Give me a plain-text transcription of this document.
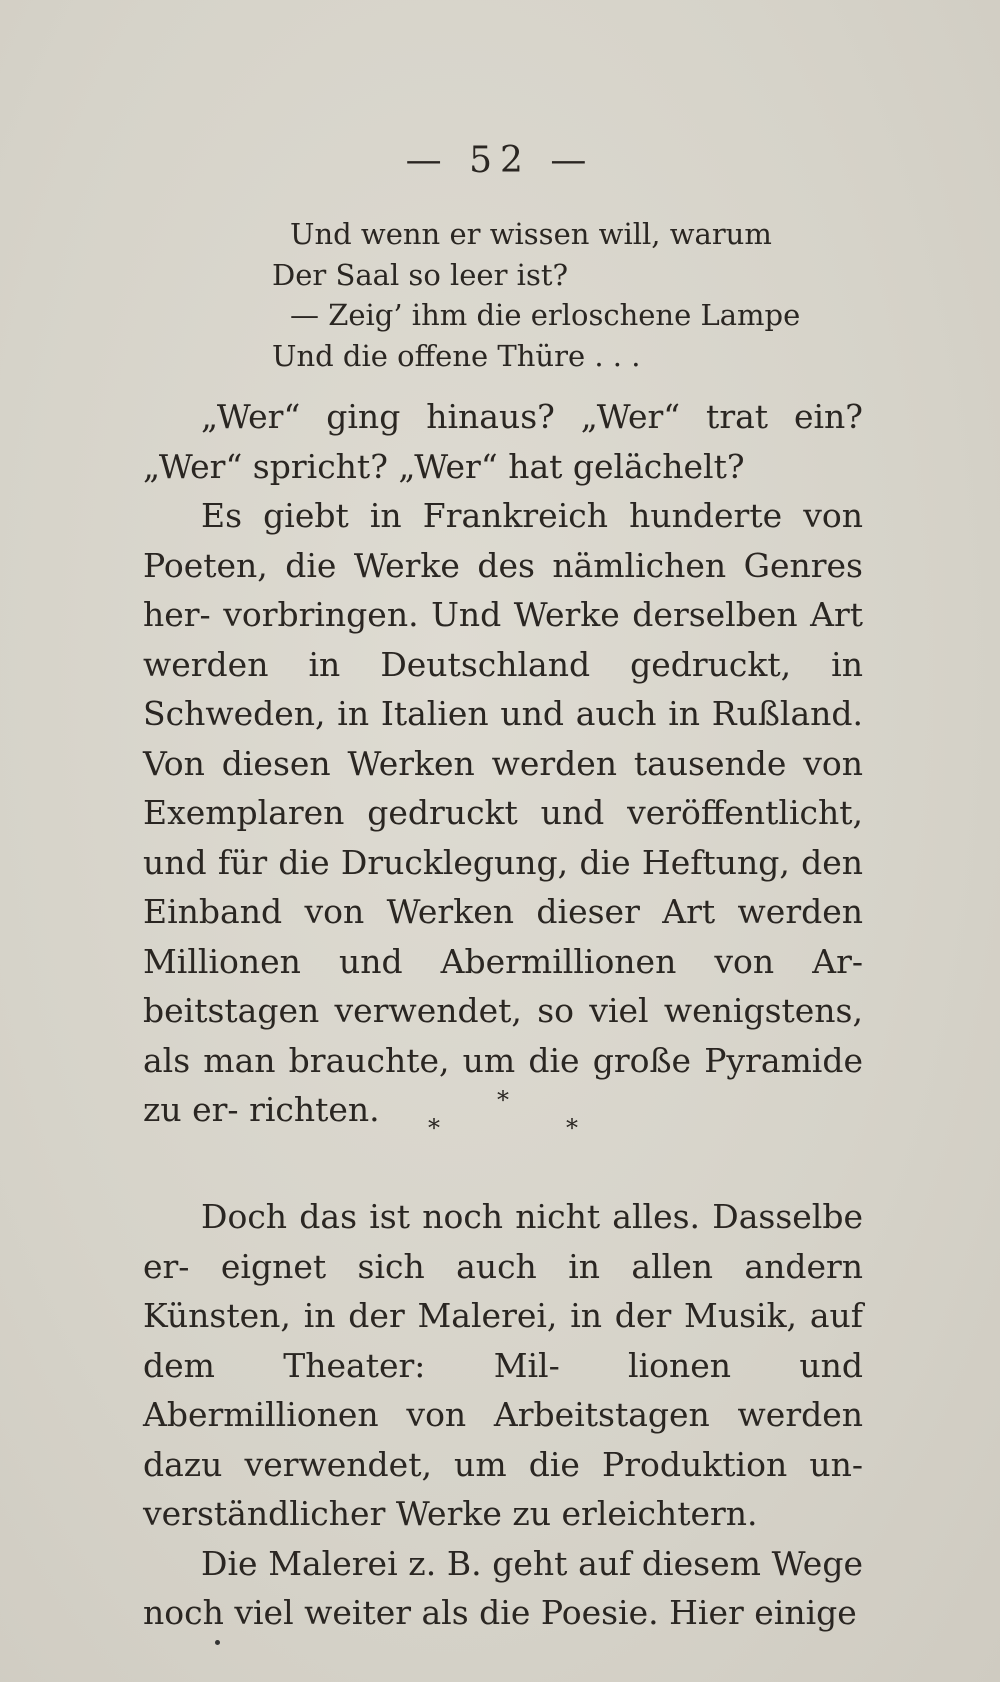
— 52 —
Und wenn er wissen will, warum
Der Saal so leer ist?
— Zeig’ ihm die erloschene Lampe
Und die offene Thüre . . .

„Wer“ ging hinaus? „Wer“ trat ein? „Wer“ spricht? „Wer“ hat gelächelt?

Es giebt in Frankreich hunderte von Poeten, die Werke des nämlichen Genres her- vorbringen. Und Werke derselben Art werden in Deutschland gedruckt, in Schweden, in Italien und auch in Rußland. Von diesen Werken werden tausende von Exemplaren gedruckt und veröffentlicht, und für die Drucklegung, die Heftung, den Einband von Werken dieser Art werden Millionen und Abermillionen von Ar- beitstagen verwendet, so viel wenigstens, als man brauchte, um die große Pyramide zu er- richten.	*
*	*

Doch das ist noch nicht alles. Dasselbe er- eignet sich auch in allen andern Künsten, in der Malerei, in der Musik, auf dem Theater: Mil- lionen und Abermillionen von Arbeitstagen werden dazu verwendet, um die Produktion un- verständlicher Werke zu erleichtern.

Die Malerei z. B. geht auf diesem Wege noch viel weiter als die Poesie. Hier einige
